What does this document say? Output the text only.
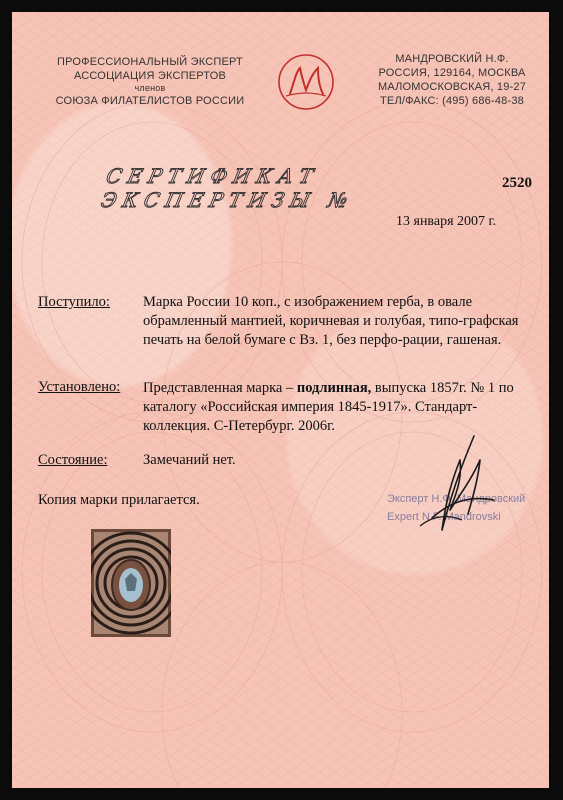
ПРОФЕССИОНАЛЬНЫЙ ЭКСПЕРТ
АССОЦИАЦИЯ ЭКСПЕРТОВ
членов
СОЮЗА ФИЛАТЕЛИСТОВ РОССИИ
МАНДРОВСКИЙ Н.Ф.
РОССИЯ, 129164, МОСКВА
МАЛОМОСКОВСКАЯ, 19-27
ТЕЛ/ФАКС: (495) 686-48-38
СЕРТИФИКАТ ЭКСПЕРТИЗЫ №
2520
13 января 2007 г.
Поступило: Марка России 10 коп., с изображением герба, в овале обрамленный мантией, коричневая и голубая, типо-графская печать на белой бумаге с Вз. 1, без перфо-рации, гашеная.
Установлено: Представленная марка – подлинная, выпуска 1857г. № 1 по каталогу «Российская империя 1845-1917». Стандарт-коллекция. С-Петербург. 2006г.
Состояние: Замечаний нет.
Копия марки прилагается.	Эксперт Н.Ф. Мандровский
Expert N.F. Mandrovski
